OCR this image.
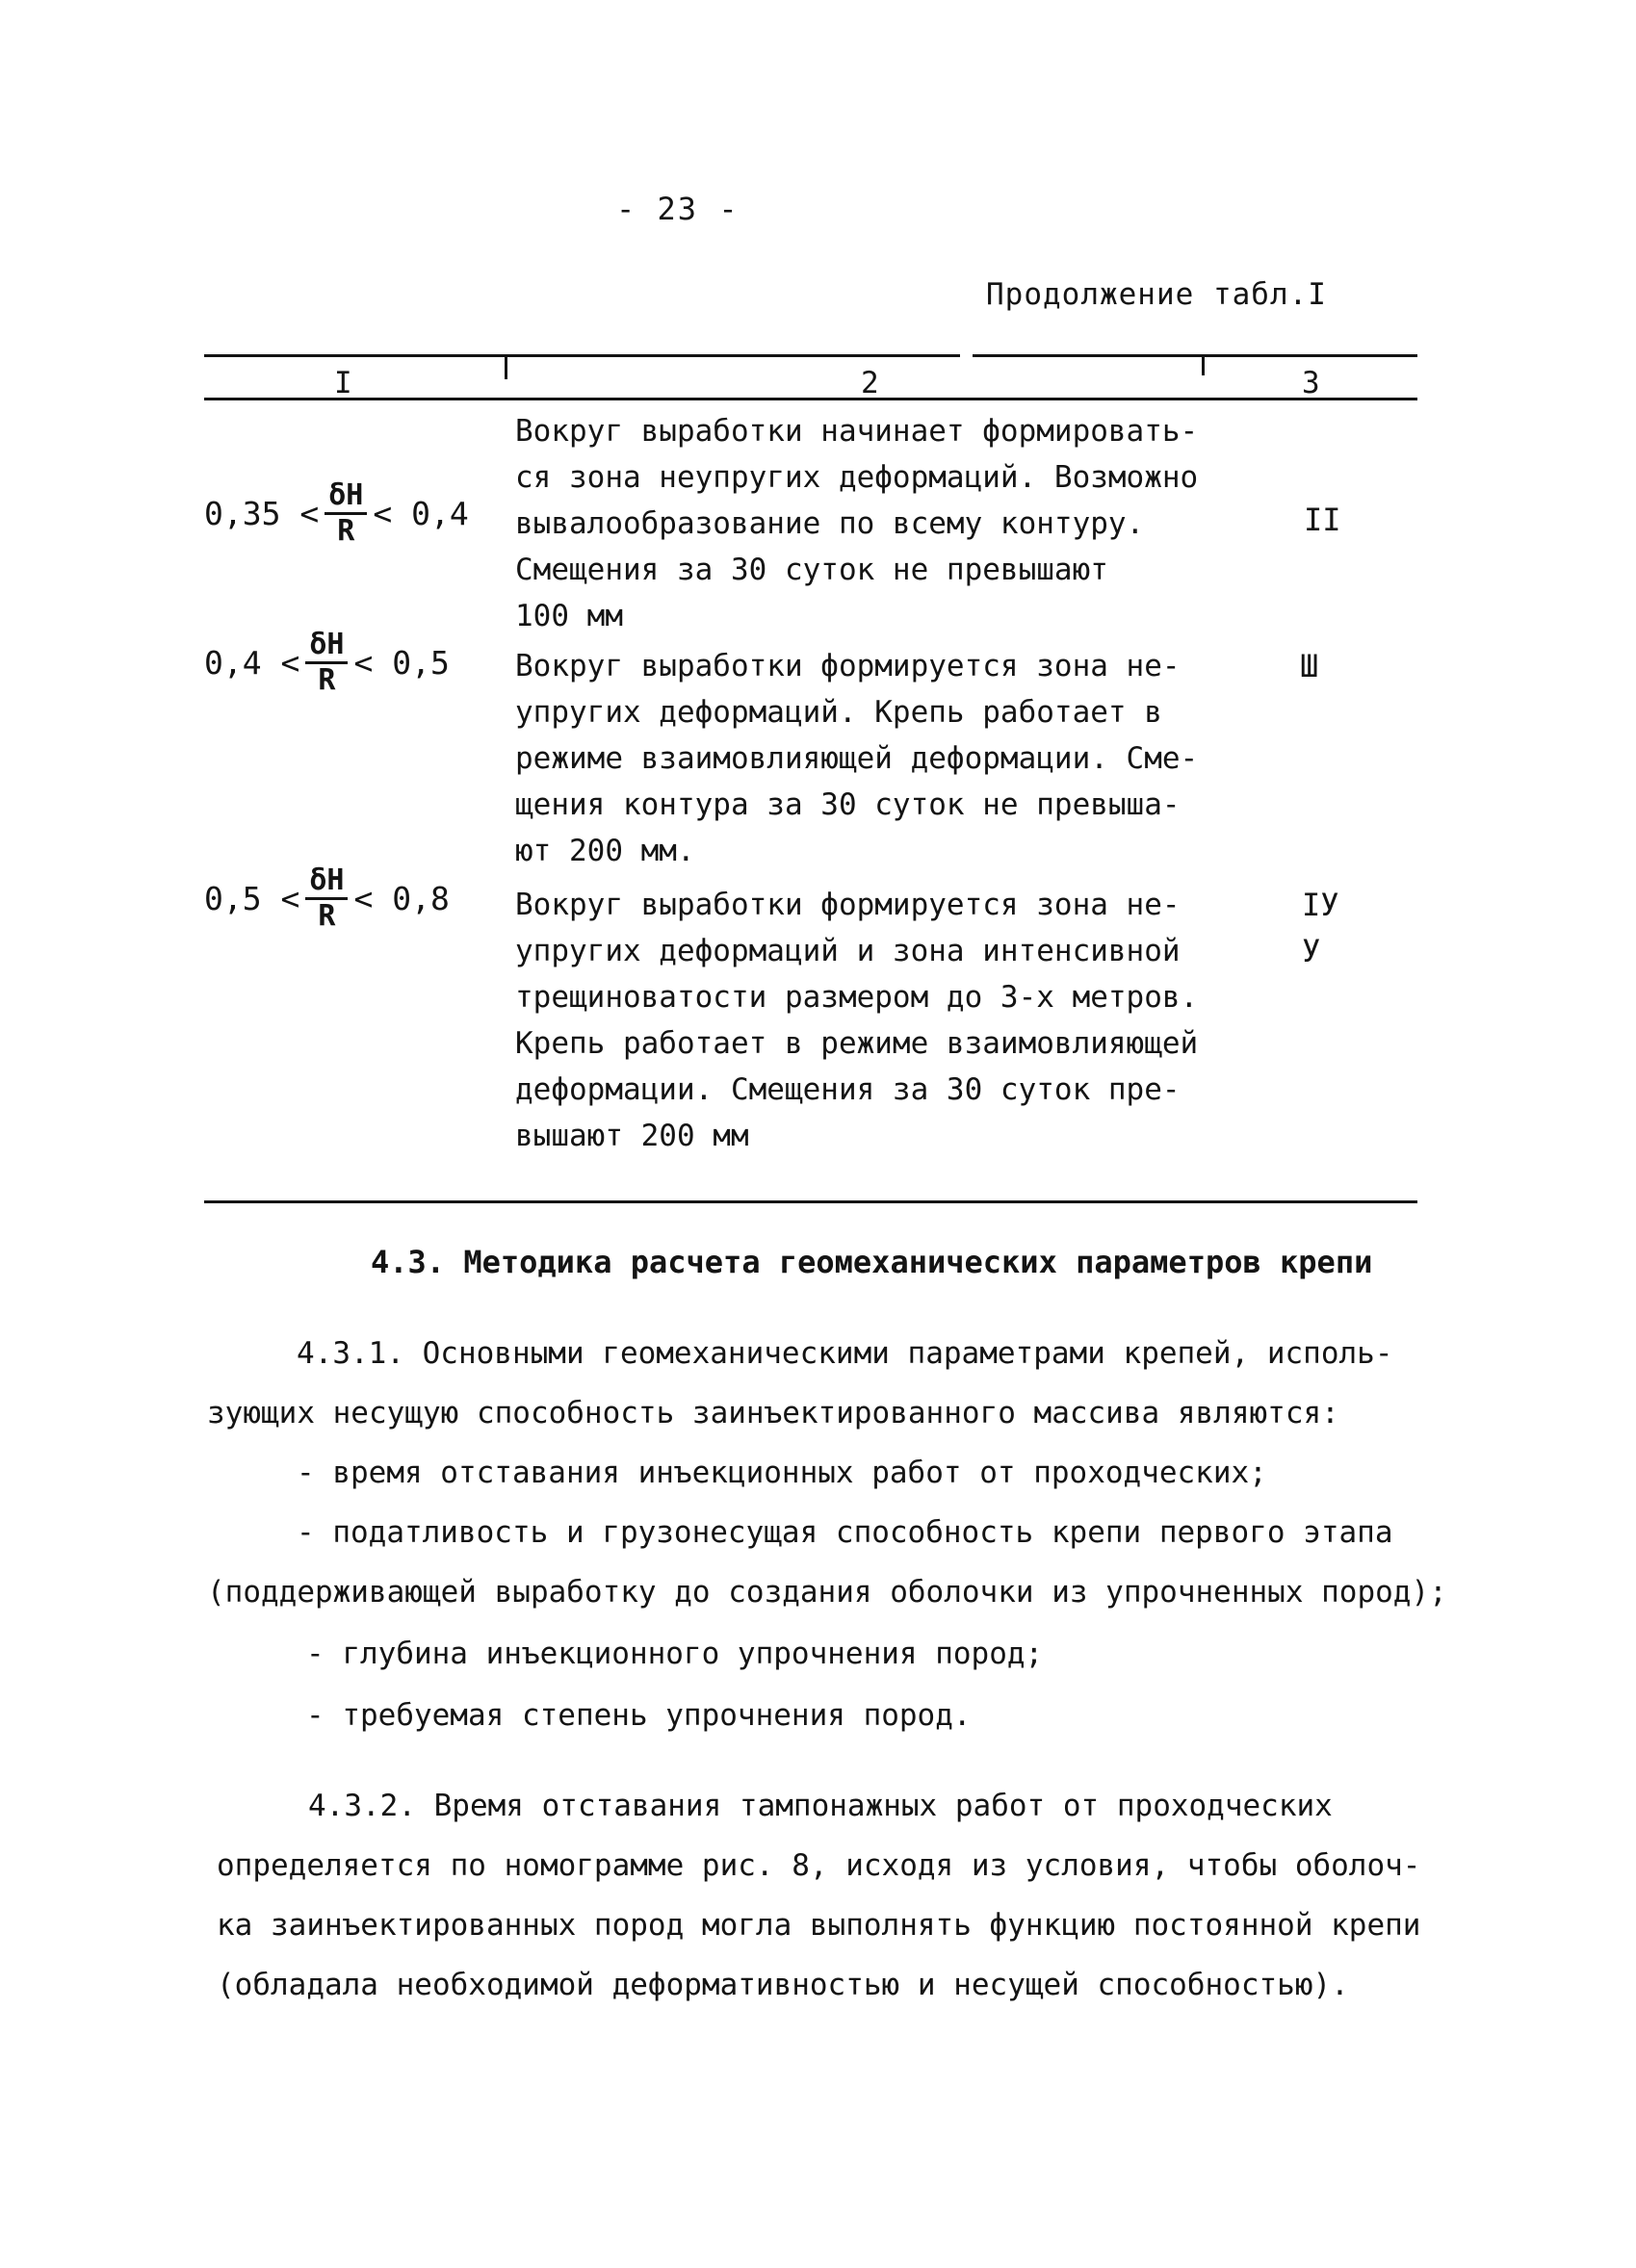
- 23 -
Продолжение табл.I
I	2	3
$0,35 < \frac{\delta H}{R} < 0,4$
Вокруг выработки начинает формировать-
ся зона неупругих деформаций. Возможно
вывалообразование по всему контуру.
Смещения за 30 суток не превышают
100 мм
II
$0,4 < \frac{\delta H}{R} < 0,5$ Вокруг выработки формируется зона не-
упругих деформаций. Крепь работает в
режиме взаимовлияющей деформации. Сме-
щения контура за 30 суток не превыша-
ют 200 мм.
Ш
$0,5 < \frac{\delta H}{R} < 0,8$ Вокруг выработки формируется зона не-
упругих деформаций и зона интенсивной
трещиноватости размером до 3-х метров.
Крепь работает в режиме взаимовлияющей
деформации. Смещения за 30 суток пре-
вышают 200 мм
IУ
У
4.3. Методика расчета геомеханических параметров крепи
4.3.1. Основными геомеханическими параметрами крепей, исполь-
зующих несущую способность заинъектированного массива являются:
- время отставания инъекционных работ от проходческих;
- податливость и грузонесущая способность крепи первого этапа
(поддерживающей выработку до создания оболочки из упрочненных пород);
- глубина инъекционного упрочнения пород;
- требуемая степень упрочнения пород.
4.3.2. Время отставания тампонажных работ от проходческих
определяется по номограмме рис. 8, исходя из условия, чтобы оболоч-
ка заинъектированных пород могла выполнять функцию постоянной крепи
(обладала необходимой деформативностью и несущей способностью).
